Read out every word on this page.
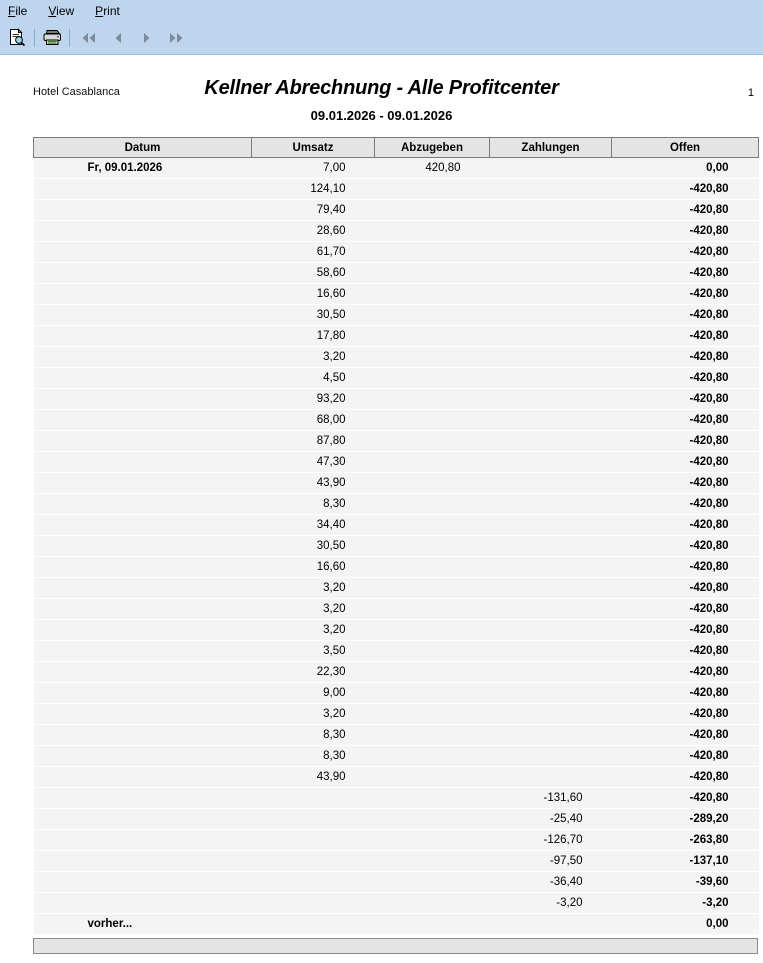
File View Print
Hotel Casablanca	Kellner Abrechnung - Alle Profitcenter
09.01.2026 - 09.01.2026
1
Datum	Umsatz	Abzugeben	Zahlungen	Offen
Fr, 09.01.2026	7,00	420,80		0,00
	124,10			-420,80
	79,40			-420,80
	28,60			-420,80
	61,70			-420,80
	58,60			-420,80
	16,60			-420,80
	30,50			-420,80
	17,80			-420,80
	3,20			-420,80
	4,50			-420,80
	93,20			-420,80
	68,00			-420,80
	87,80			-420,80
	47,30			-420,80
	43,90			-420,80
	8,30			-420,80
	34,40			-420,80
	30,50			-420,80
	16,60			-420,80
	3,20			-420,80
	3,20			-420,80
	3,20			-420,80
	3,50			-420,80
	22,30			-420,80
	9,00			-420,80
	3,20			-420,80
	8,30			-420,80
	8,30			-420,80
	43,90			-420,80
			-131,60	-420,80
			-25,40	-289,20
			-126,70	-263,80
			-97,50	-137,10
			-36,40	-39,60
			-3,20	-3,20
vorher...				0,00
